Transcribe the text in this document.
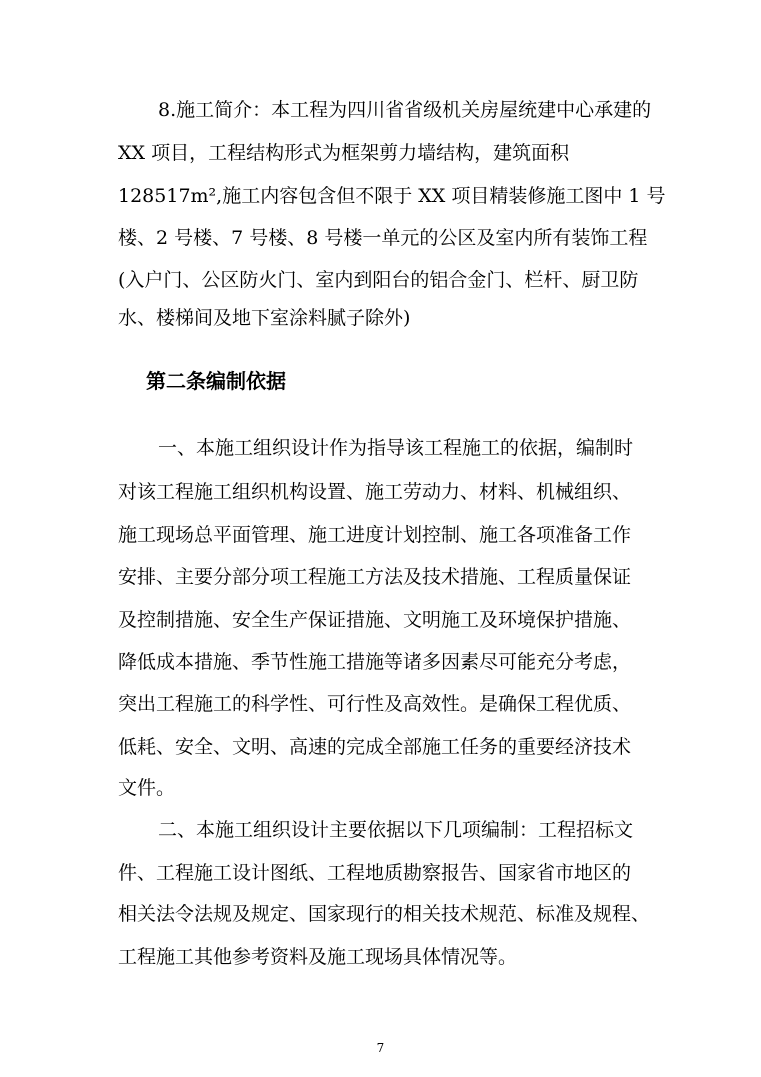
8.施工简介：本工程为四川省省级机关房屋统建中心承建的
XX 项目，工程结构形式为框架剪力墙结构，建筑面积
128517m²,施工内容包含但不限于 XX 项目精装修施工图中 1 号
楼、2 号楼、7 号楼、8 号楼一单元的公区及室内所有装饰工程
(入户门、公区防火门、室内到阳台的铝合金门、栏杆、厨卫防
水、楼梯间及地下室涂料腻子除外)
第二条编制依据
一、本施工组织设计作为指导该工程施工的依据，编制时
对该工程施工组织机构设置、施工劳动力、材料、机械组织、
施工现场总平面管理、施工进度计划控制、施工各项准备工作
安排、主要分部分项工程施工方法及技术措施、工程质量保证
及控制措施、安全生产保证措施、文明施工及环境保护措施、
降低成本措施、季节性施工措施等诸多因素尽可能充分考虑，
突出工程施工的科学性、可行性及高效性。是确保工程优质、
低耗、安全、文明、高速的完成全部施工任务的重要经济技术
文件。
二、本施工组织设计主要依据以下几项编制：工程招标文
件、工程施工设计图纸、工程地质勘察报告、国家省市地区的
相关法令法规及规定、国家现行的相关技术规范、标准及规程、
工程施工其他参考资料及施工现场具体情况等。
7
